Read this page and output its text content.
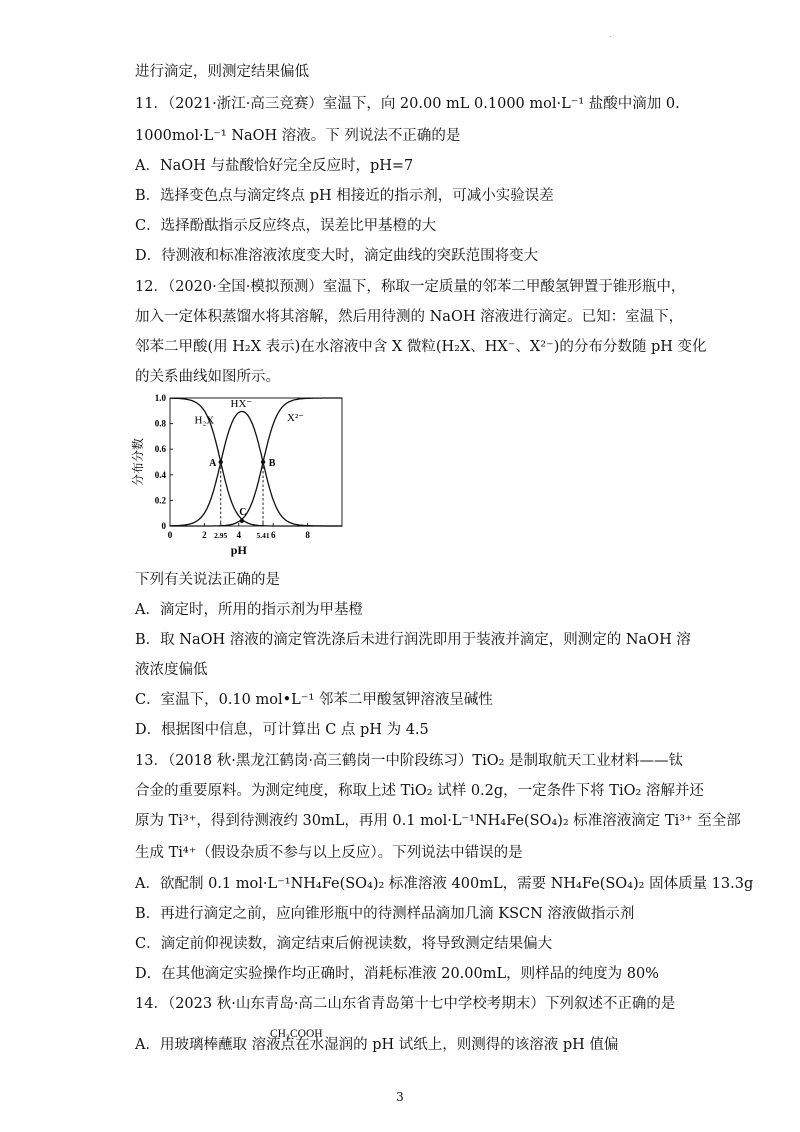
.
进行滴定，则测定结果偏低
11．（2021·浙江·高三竞赛）室温下，向 20.00 mL 0.1000 mol·L⁻¹ 盐酸中滴加 0.
1000mol·L⁻¹ NaOH 溶液。下 列说法不正确的是
A．NaOH 与盐酸恰好完全反应时，pH=7
B．选择变色点与滴定终点 pH 相接近的指示剂，可减小实验误差
C．选择酚酞指示反应终点，误差比甲基橙的大
D．待测液和标准溶液浓度变大时，滴定曲线的突跃范围将变大
12．（2020·全国·模拟预测）室温下，称取一定质量的邻苯二甲酸氢钾置于锥形瓶中，
加入一定体积蒸馏水将其溶解，然后用待测的 NaOH 溶液进行滴定。已知：室温下，
邻苯二甲酸(用 H₂X 表示)在水溶液中含 X 微粒(H₂X、HX⁻、X²⁻)的分布分数随 pH 变化
的关系曲线如图所示。
0	2 2.95 4 5.41 6	8
0
0.2
0.4
0.6
0.8
1.0
pH
分布分数
H₂X
HX⁻
X²⁻
A	B
C
下列有关说法正确的是
A．滴定时，所用的指示剂为甲基橙
B．取 NaOH 溶液的滴定管洗涤后未进行润洗即用于装液并滴定，则测定的 NaOH 溶
液浓度偏低
C．室温下，0.10 mol•L⁻¹ 邻苯二甲酸氢钾溶液呈碱性
D．根据图中信息，可计算出 C 点 pH 为 4.5
13．（2018 秋·黑龙江鹤岗·高三鹤岗一中阶段练习）TiO₂ 是制取航天工业材料——钛
合金的重要原料。为测定纯度，称取上述 TiO₂ 试样 0.2g，一定条件下将 TiO₂ 溶解并还
原为 Ti³⁺，得到待测液约 30mL，再用 0.1 mol·L⁻¹NH₄Fe(SO₄)₂ 标准溶液滴定 Ti³⁺ 至全部
生成 Ti⁴⁺（假设杂质不参与以上反应）。下列说法中错误的是
A．欲配制 0.1 mol·L⁻¹NH₄Fe(SO₄)₂ 标准溶液 400mL，需要 NH₄Fe(SO₄)₂ 固体质量 13.3g
B．再进行滴定之前，应向锥形瓶中的待测样品滴加几滴 KSCN 溶液做指示剂
C．滴定前仰视读数，滴定结束后俯视读数，将导致测定结果偏大
D．在其他滴定实验操作均正确时，消耗标准液 20.00mL，则样品的纯度为 80%
14．（2023 秋·山东青岛·高二山东省青岛第十七中学校考期末）下列叙述不正确的是
A．用玻璃棒蘸取 溶液点在水湿润的 pH 试纸上，则测得的该溶液 pH 值偏
CH₃COOH
3
